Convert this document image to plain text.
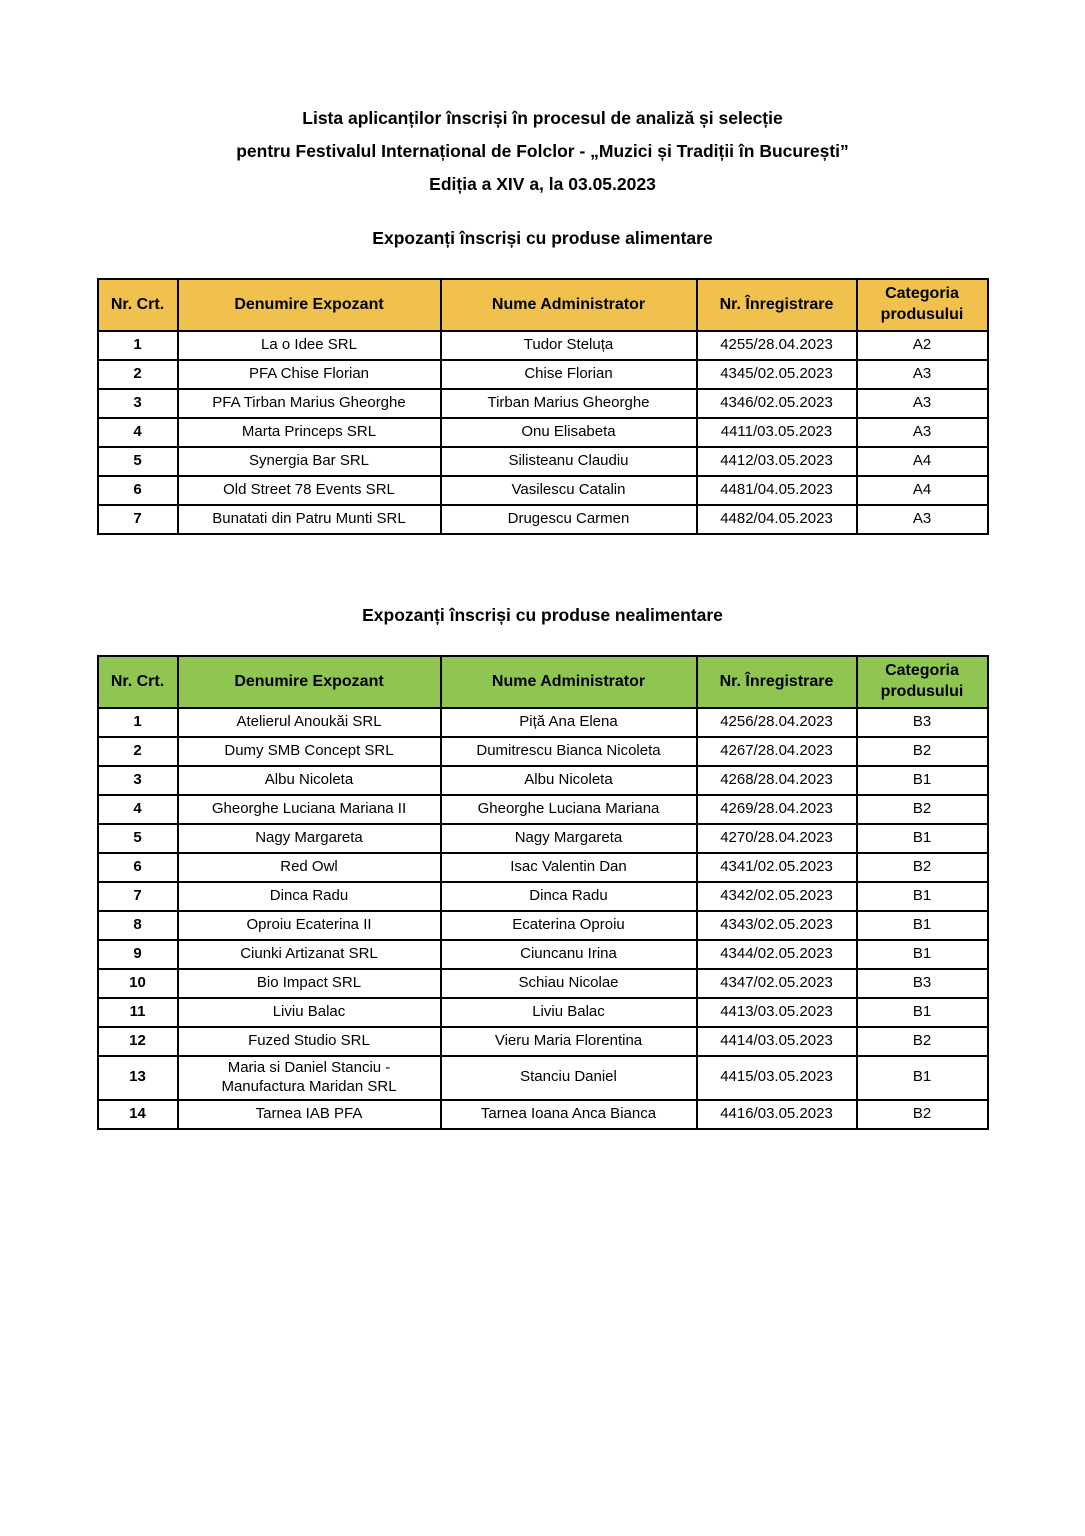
Lista aplicanților înscriși în procesul de analiză și selecție
pentru Festivalul Internațional de Folclor - „Muzici și Tradiții în București”
Ediția a XIV a, la 03.05.2023
Expozanți înscriși cu produse alimentare
Nr. Crt.	Denumire Expozant	Nume Administrator	Nr. Înregistrare	Categoria produsului
1	La o Idee SRL	Tudor Steluța	4255/28.04.2023	A2
2	PFA Chise Florian	Chise Florian	4345/02.05.2023	A3
3	PFA Tirban Marius Gheorghe	Tirban Marius Gheorghe	4346/02.05.2023	A3
4	Marta Princeps SRL	Onu Elisabeta	4411/03.05.2023	A3
5	Synergia Bar SRL	Silisteanu Claudiu	4412/03.05.2023	A4
6	Old Street 78 Events SRL	Vasilescu Catalin	4481/04.05.2023	A4
7	Bunatati din Patru Munti SRL	Drugescu Carmen	4482/04.05.2023	A3
Expozanți înscriși cu produse nealimentare
Nr. Crt.	Denumire Expozant	Nume Administrator	Nr. Înregistrare	Categoria produsului
1	Atelierul Anoukăi SRL	Piță Ana Elena	4256/28.04.2023	B3
2	Dumy SMB Concept SRL	Dumitrescu Bianca Nicoleta	4267/28.04.2023	B2
3	Albu Nicoleta	Albu Nicoleta	4268/28.04.2023	B1
4	Gheorghe Luciana Mariana II	Gheorghe Luciana Mariana	4269/28.04.2023	B2
5	Nagy Margareta	Nagy Margareta	4270/28.04.2023	B1
6	Red Owl	Isac Valentin Dan	4341/02.05.2023	B2
7	Dinca Radu	Dinca Radu	4342/02.05.2023	B1
8	Oproiu Ecaterina II	Ecaterina Oproiu	4343/02.05.2023	B1
9	Ciunki Artizanat SRL	Ciuncanu Irina	4344/02.05.2023	B1
10	Bio Impact SRL	Schiau Nicolae	4347/02.05.2023	B3
11	Liviu Balac	Liviu Balac	4413/03.05.2023	B1
12	Fuzed Studio SRL	Vieru Maria Florentina	4414/03.05.2023	B2
13	Maria si Daniel Stanciu - Manufactura Maridan SRL	Stanciu Daniel	4415/03.05.2023	B1
14	Tarnea IAB PFA	Tarnea Ioana Anca Bianca	4416/03.05.2023	B2
